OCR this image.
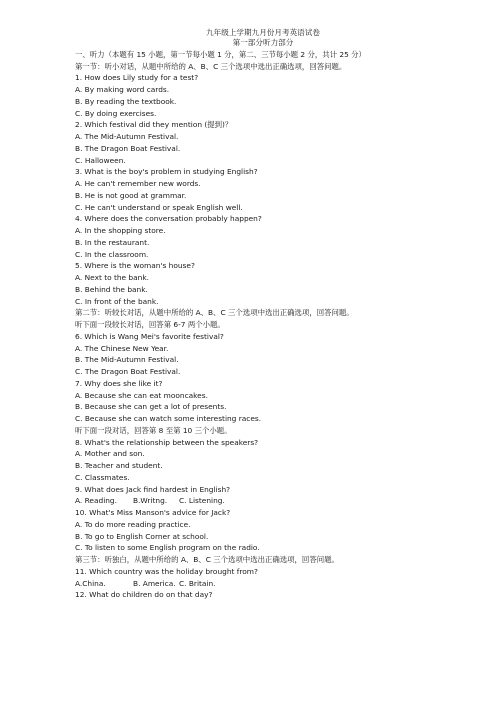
九年级上学期九月份月考英语试卷
第一部分听力部分
一、听力（本题有 15 小题，第一节每小题 1 分，第二、三节每小题 2 分，共计 25 分）
第一节：听小对话，从题中所给的 A、B、C 三个选项中选出正确选项，回答问题。
1. How does Lily study for a test?
A. By making word cards.
B. By reading the textbook.
C. By doing exercises.
2. Which festival did they mention (提到)？
A. The Mid-Autumn Festival.
B. The Dragon Boat Festival.
C. Halloween.
3. What is the boy's problem in studying English?
A. He can't remember new words.
B. He is not good at grammar.
C. He can't understand or speak English well.
4. Where does the conversation probably happen?
A. In the shopping store.
B. In the restaurant.
C. In the classroom.
5. Where is the woman's house?
A. Next to the bank.
B. Behind the bank.
C. In front of the bank.
第二节：听较长对话，从题中所给的 A、B、C 三个选项中选出正确选项，回答问题。
听下面一段较长对话，回答第 6-7 两个小题。
6. Which is Wang Mei's favorite festival?
A. The Chinese New Year.
B. The Mid-Autumn Festival.
C. The Dragon Boat Festival.
7. Why does she like it?
A. Because she can eat mooncakes.
B. Because she can get a lot of presents.
C. Because she can watch some interesting races.
听下面一段对话，回答第 8 至第 10 三个小题。
8. What's the relationship between the speakers?
A. Mother and son.
B. Teacher and student.
C. Classmates.
9. What does Jack find hardest in English?
A. Reading. B.Writng. C. Listening.
10. What's Miss Manson's advice for Jack?
A. To do more reading practice.
B. To go to English Corner at school.
C. To listen to some English program on the radio.
第三节：听独白，从题中所给的 A、B、C 三个选项中选出正确选项，回答问题。
11. Which country was the holiday brought from?
A.China.	B. America. C. Britain.
12. What do children do on that day?
